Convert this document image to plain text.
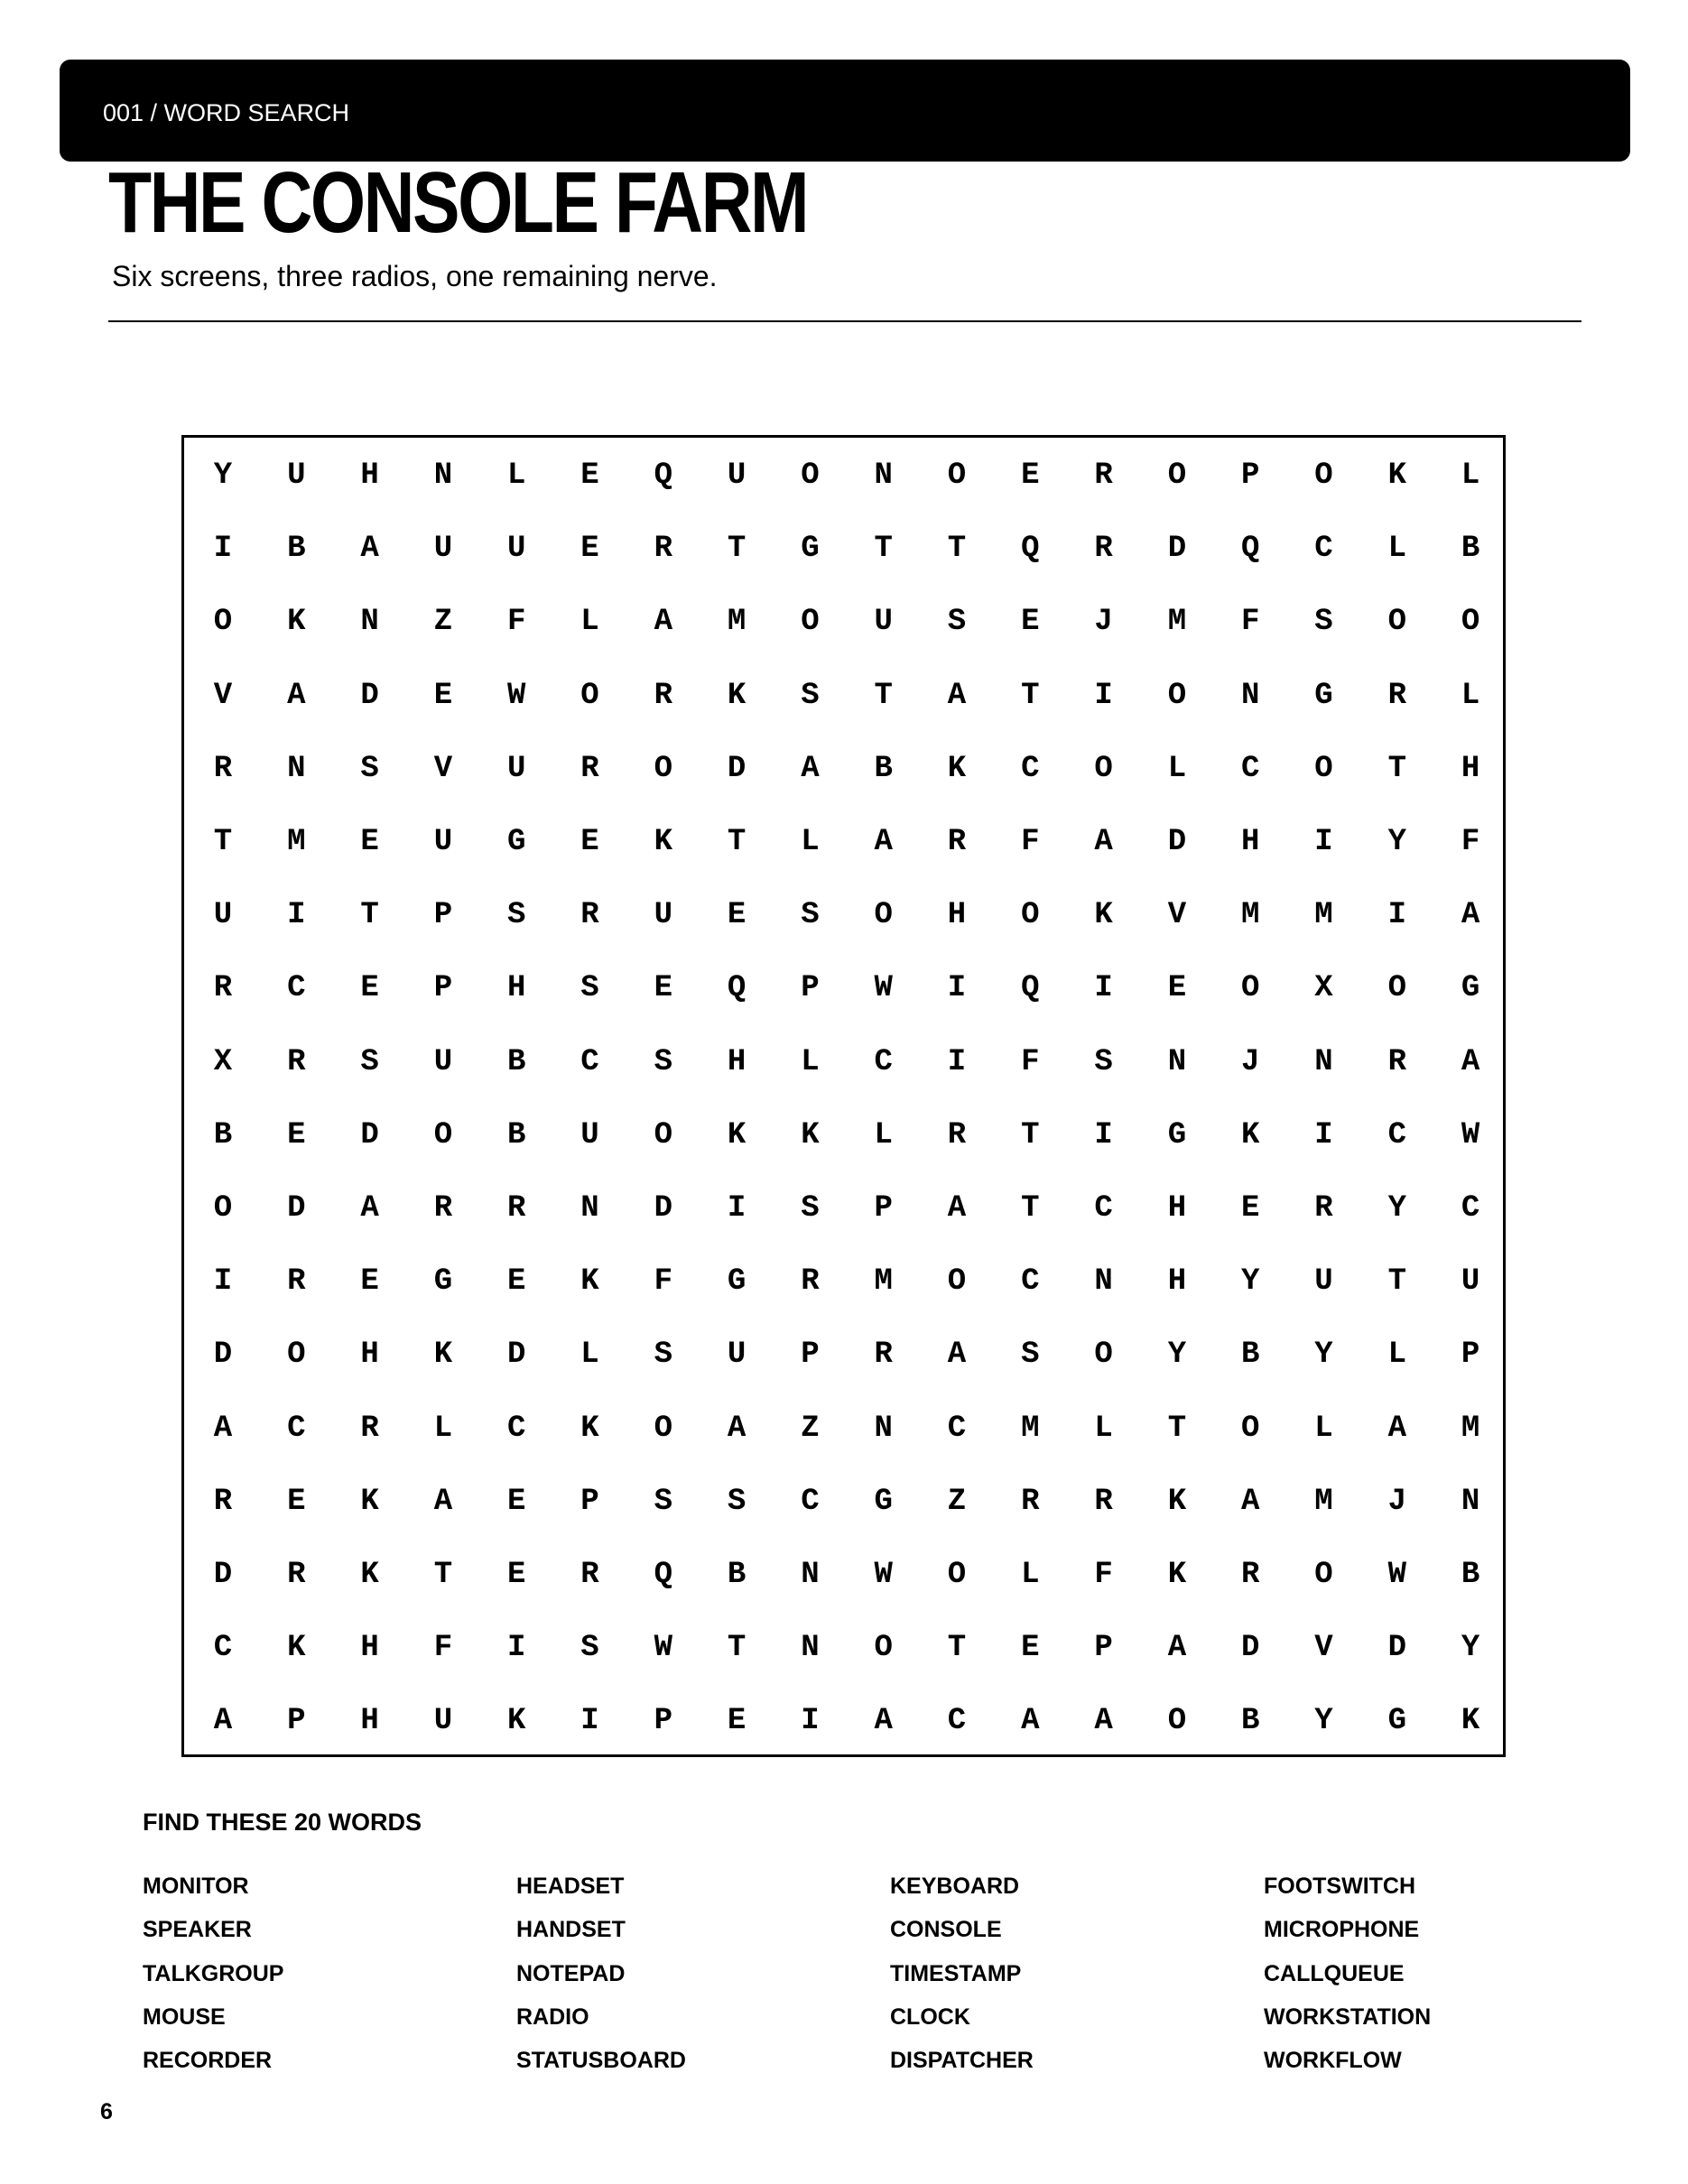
001 / WORD SEARCH
THE CONSOLE FARM
Six screens, three radios, one remaining nerve.
Y	U	H	N	L	E	Q	U	O	N	O	E	R	O	P	O	K	L
I	B	A	U	U	E	R	T	G	T	T	Q	R	D	Q	C	L	B
O	K	N	Z	F	L	A	M	O	U	S	E	J	M	F	S	O	O
V	A	D	E	W	O	R	K	S	T	A	T	I	O	N	G	R	L
R	N	S	V	U	R	O	D	A	B	K	C	O	L	C	O	T	H
T	M	E	U	G	E	K	T	L	A	R	F	A	D	H	I	Y	F
U	I	T	P	S	R	U	E	S	O	H	O	K	V	M	M	I	A
R	C	E	P	H	S	E	Q	P	W	I	Q	I	E	O	X	O	G
X	R	S	U	B	C	S	H	L	C	I	F	S	N	J	N	R	A
B	E	D	O	B	U	O	K	K	L	R	T	I	G	K	I	C	W
O	D	A	R	R	N	D	I	S	P	A	T	C	H	E	R	Y	C
I	R	E	G	E	K	F	G	R	M	O	C	N	H	Y	U	T	U
D	O	H	K	D	L	S	U	P	R	A	S	O	Y	B	Y	L	P
A	C	R	L	C	K	O	A	Z	N	C	M	L	T	O	L	A	M
R	E	K	A	E	P	S	S	C	G	Z	R	R	K	A	M	J	N
D	R	K	T	E	R	Q	B	N	W	O	L	F	K	R	O	W	B
C	K	H	F	I	S	W	T	N	O	T	E	P	A	D	V	D	Y
A	P	H	U	K	I	P	E	I	A	C	A	A	O	B	Y	G	K
FIND THESE 20 WORDS
MONITOR
SPEAKER
TALKGROUP
MOUSE
RECORDER
HEADSET
HANDSET
NOTEPAD
RADIO
STATUSBOARD
KEYBOARD
CONSOLE
TIMESTAMP
CLOCK
DISPATCHER
FOOTSWITCH
MICROPHONE
CALLQUEUE
WORKSTATION
WORKFLOW
6
